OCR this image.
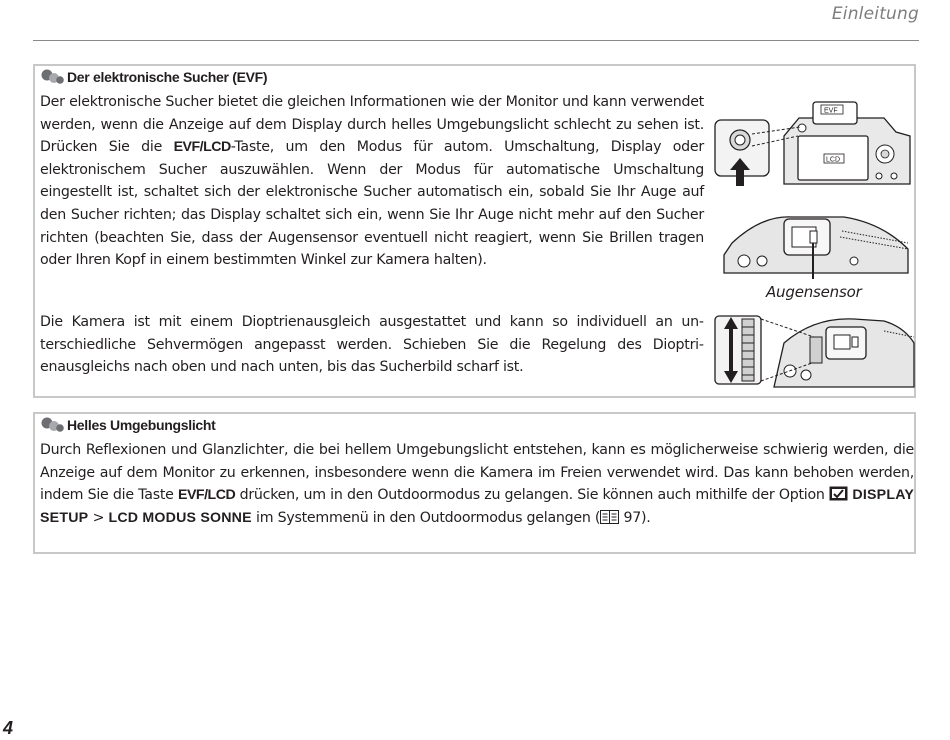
Einleitung
Der elektronische Sucher (EVF)
Der elektronische Sucher bietet die gleichen Informationen wie der Monitor und kann verwendet werden, wenn die Anzeige auf dem Display durch helles Umgebungslicht schlecht zu sehen ist. Drücken Sie die EVF/LCD-Taste, um den Modus für autom. Umschaltung, Display oder elektronischem Sucher auszuwählen. Wenn der Modus für automatische Umschaltung eingestellt ist, schaltet sich der elektronische Sucher automatisch ein, sobald Sie Ihr Auge auf den Sucher richten; das Display schaltet sich ein, wenn Sie Ihr Auge nicht mehr auf den Sucher richten (beachten Sie, dass der Augensensor eventuell nicht reagiert, wenn Sie Brillen tragen oder Ihren Kopf in einem bestimmten Winkel zur Kamera halten).
Die Kamera ist mit einem Dioptrienausgleich ausgestattet und kann so individuell an unterschiedliche Sehvermögen angepasst werden. Schieben Sie die Regelung des Dioptrienausgleichs nach oben und nach unten, bis das Sucherbild scharf ist.
EVF
LCD
Augensensor
Helles Umgebungslicht
Durch Reflexionen und Glanzlichter, die bei hellem Umgebungslicht entstehen, kann es möglicherweise schwierig werden, die Anzeige auf dem Monitor zu erkennen, insbesondere wenn die Kamera im Freien verwendet wird. Das kann behoben werden, indem Sie die Taste EVF/LCD drücken, um in den Outdoormodus zu gelangen. Sie können auch mithilfe der Option  DISPLAY SETUP > LCD MODUS SONNE im Systemmenü in den Outdoormodus gelangen ( 97).
4
